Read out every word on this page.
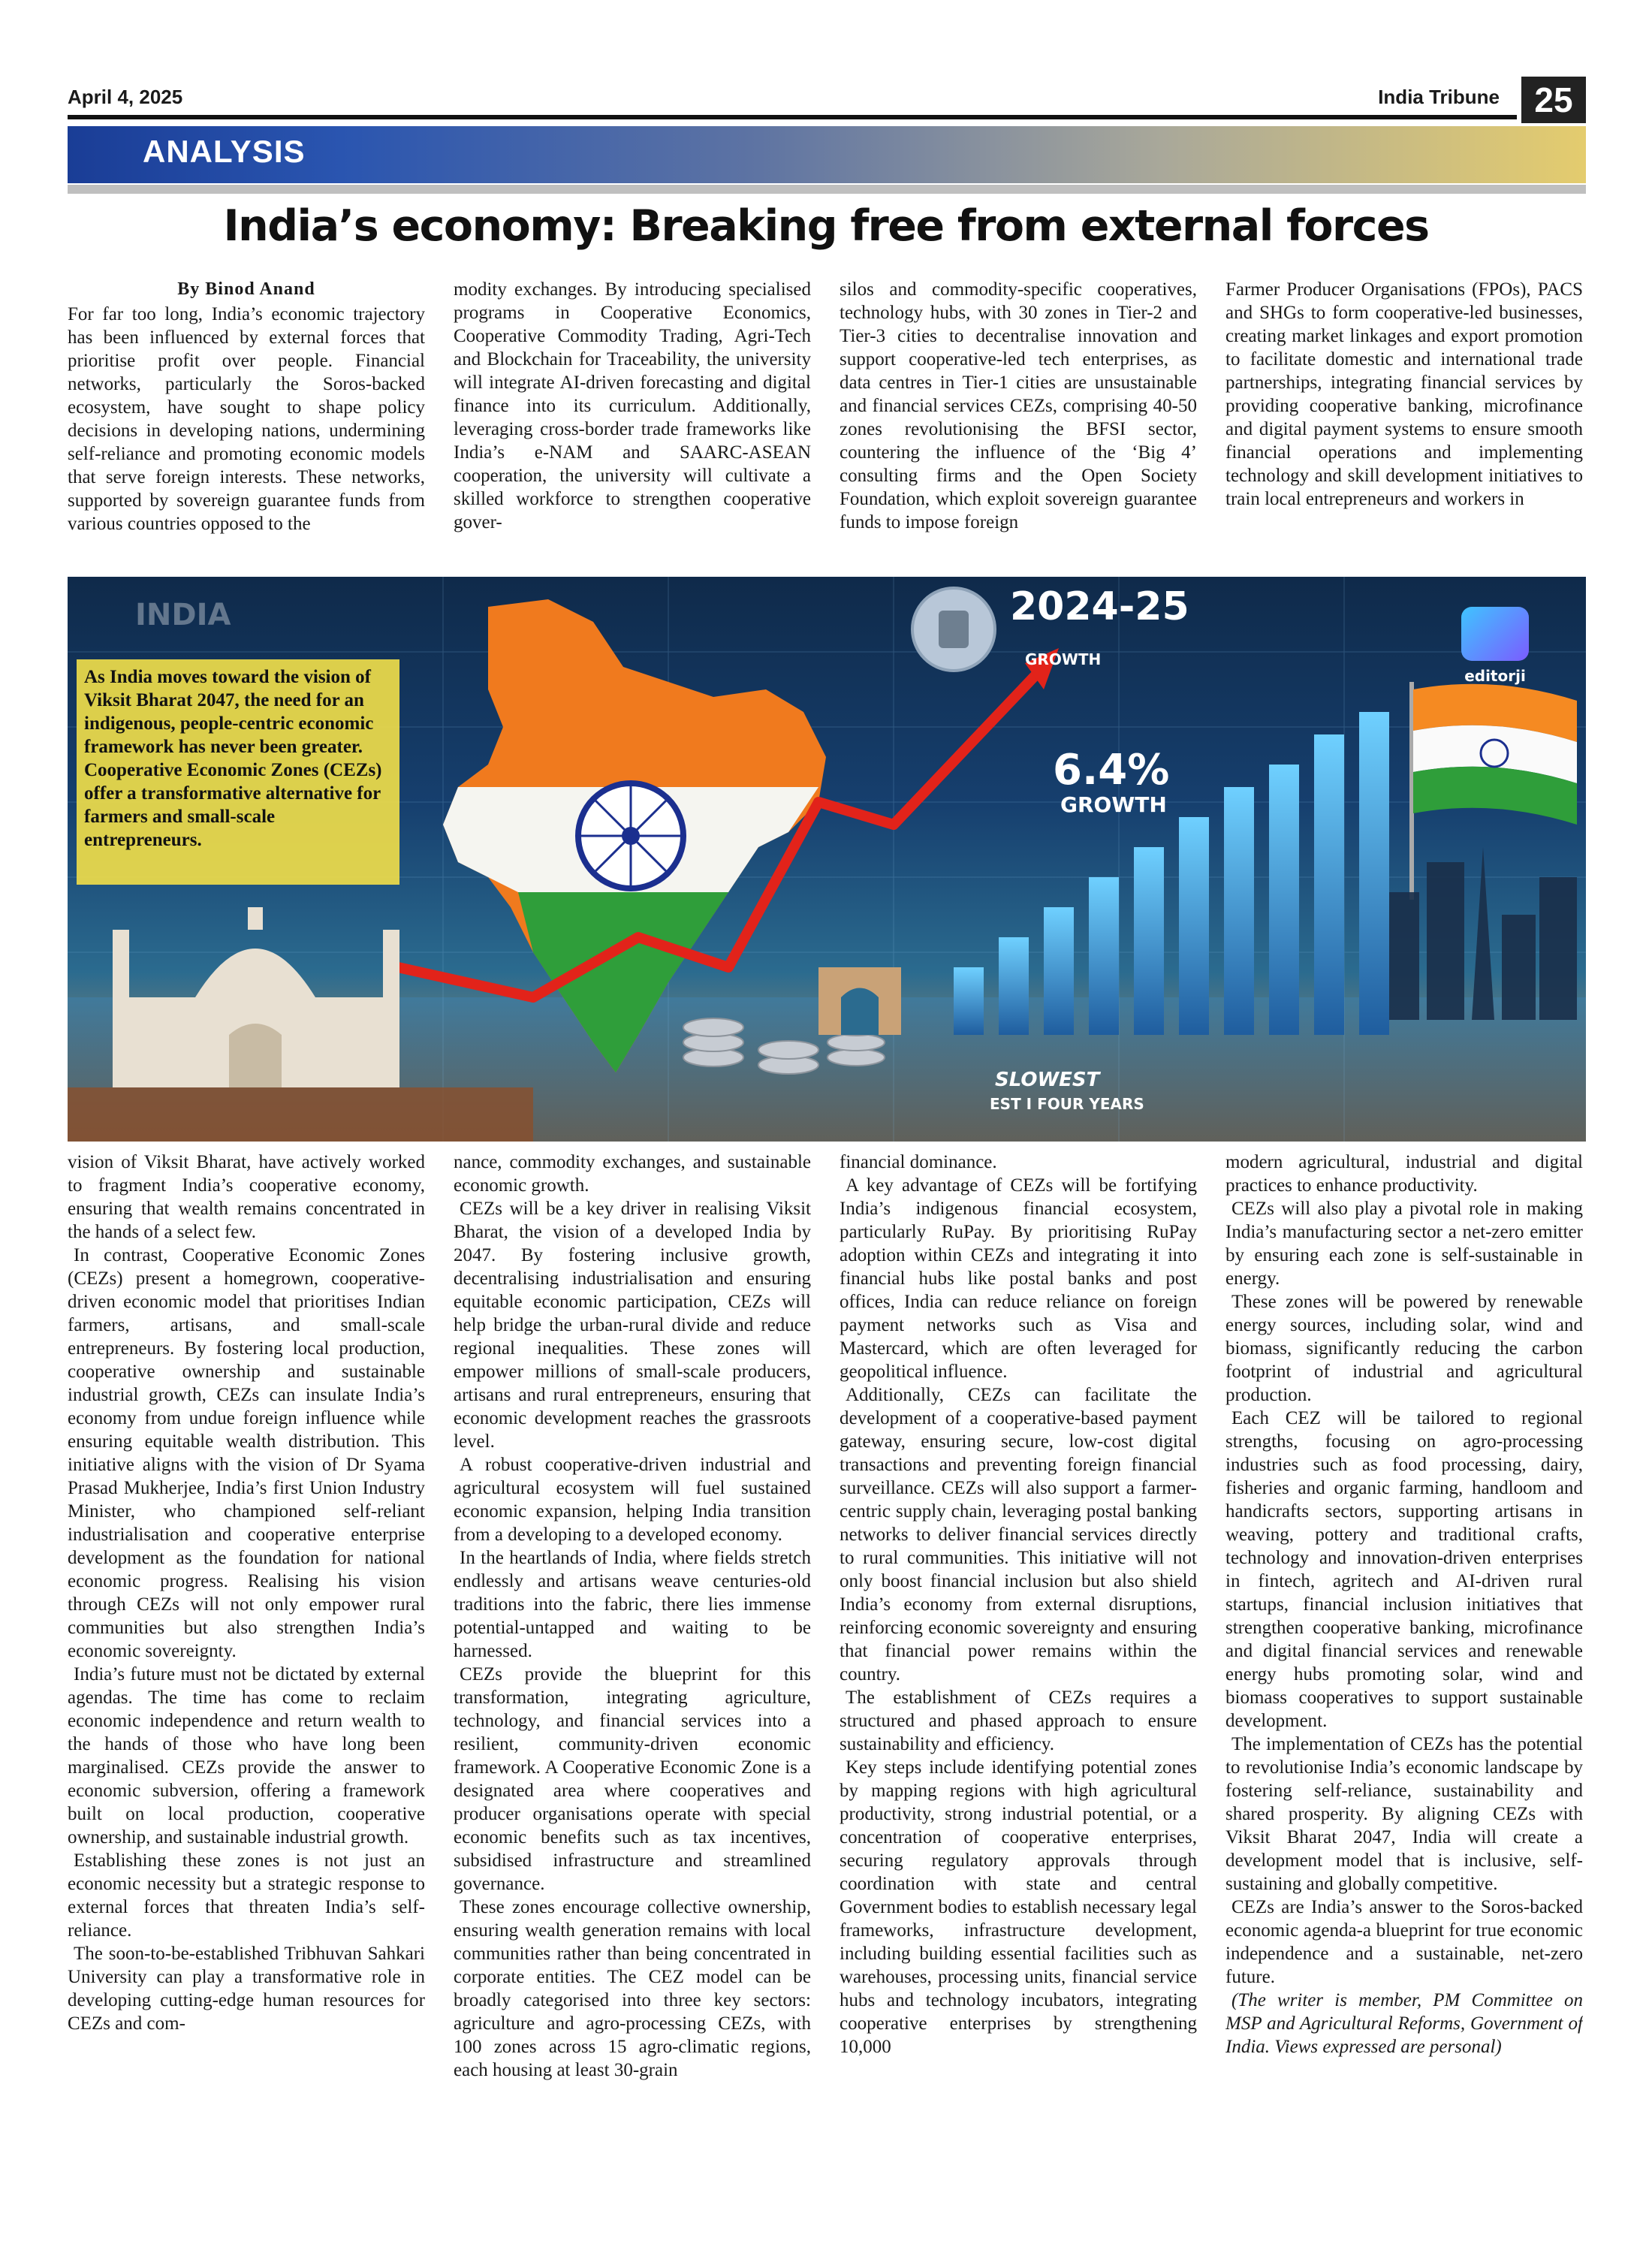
April 4, 2025	India Tribune	25
ANALYSIS
India’s economy: Breaking free from external forces
By Binod Anand

For far too long, India’s economic trajectory has been influenced by external forces that prioritise profit over people. Financial networks, particularly the Soros-backed ecosystem, have sought to shape policy decisions in developing nations, undermining self-reliance and promoting economic models that serve foreign interests. These networks, supported by sovereign guarantee funds from various countries opposed to the

modity exchanges. By introducing specialised programs in Cooperative Economics, Cooperative Commodity Trading, Agri-Tech and Blockchain for Traceability, the university will integrate AI-driven forecasting and digital finance into its curriculum. Additionally, leveraging cross-border trade frameworks like India’s e-NAM and SAARC-ASEAN cooperation, the university will cultivate a skilled workforce to strengthen cooperative gover-

silos and commodity-specific cooperatives, technology hubs, with 30 zones in Tier-2 and Tier-3 cities to decentralise innovation and support cooperative-led tech enterprises, as data centres in Tier-1 cities are unsustainable and financial services CEZs, comprising 40-50 zones revolutionising the BFSI sector, countering the influence of the ‘Big 4’ consulting firms and the Open Society Foundation, which exploit sovereign guarantee funds to impose foreign

Farmer Producer Organisations (FPOs), PACS and SHGs to form cooperative-led businesses, creating market linkages and export promotion to facilitate domestic and international trade partnerships, integrating financial services by providing cooperative banking, microfinance and digital payment systems to ensure smooth financial operations and implementing technology and skill development initiatives to train local entrepreneurs and workers in

INDIA	2024-25
GROWTH
6.4%
GROWTH
SLOWEST
EST I FOUR YEARS
editorji
As India moves toward the vision of Viksit Bharat 2047, the need for an indigenous, people-centric economic framework has never been greater. Cooperative Economic Zones (CEZs) offer a transformative alternative for farmers and small-scale entrepreneurs.

vision of Viksit Bharat, have actively worked to fragment India’s cooperative economy, ensuring that wealth remains concentrated in the hands of a select few.

In contrast, Cooperative Economic Zones (CEZs) present a homegrown, cooperative-driven economic model that prioritises Indian farmers, artisans, and small-scale entrepreneurs. By fostering local production, cooperative ownership and sustainable industrial growth, CEZs can insulate India’s economy from undue foreign influence while ensuring equitable wealth distribution. This initiative aligns with the vision of Dr Syama Prasad Mukherjee, India’s first Union Industry Minister, who championed self-reliant industrialisation and cooperative enterprise development as the foundation for national economic progress. Realising his vision through CEZs will not only empower rural communities but also strengthen India’s economic sovereignty.

India’s future must not be dictated by external agendas. The time has come to reclaim economic independence and return wealth to the hands of those who have long been marginalised. CEZs provide the answer to economic subversion, offering a framework built on local production, cooperative ownership, and sustainable industrial growth.

Establishing these zones is not just an economic necessity but a strategic response to external forces that threaten India’s self-reliance.

The soon-to-be-established Tribhuvan Sahkari University can play a transformative role in developing cutting-edge human resources for CEZs and com-

nance, commodity exchanges, and sustainable economic growth.

CEZs will be a key driver in realising Viksit Bharat, the vision of a developed India by 2047. By fostering inclusive growth, decentralising industrialisation and ensuring equitable economic participation, CEZs will help bridge the urban-rural divide and reduce regional inequalities. These zones will empower millions of small-scale producers, artisans and rural entrepreneurs, ensuring that economic development reaches the grassroots level.

A robust cooperative-driven industrial and agricultural ecosystem will fuel sustained economic expansion, helping India transition from a developing to a developed economy.

In the heartlands of India, where fields stretch endlessly and artisans weave centuries-old traditions into the fabric, there lies immense potential-untapped and waiting to be harnessed.

CEZs provide the blueprint for this transformation, integrating agriculture, technology, and financial services into a resilient, community-driven economic framework. A Cooperative Economic Zone is a designated area where cooperatives and producer organisations operate with special economic benefits such as tax incentives, subsidised infrastructure and streamlined governance.

These zones encourage collective ownership, ensuring wealth generation remains with local communities rather than being concentrated in corporate entities. The CEZ model can be broadly categorised into three key sectors: agriculture and agro-processing CEZs, with 100 zones across 15 agro-climatic regions, each housing at least 30-grain

financial dominance.

A key advantage of CEZs will be fortifying India’s indigenous financial ecosystem, particularly RuPay. By prioritising RuPay adoption within CEZs and integrating it into financial hubs like postal banks and post offices, India can reduce reliance on foreign payment networks such as Visa and Mastercard, which are often leveraged for geopolitical influence.

Additionally, CEZs can facilitate the development of a cooperative-based payment gateway, ensuring secure, low-cost digital transactions and preventing foreign financial surveillance. CEZs will also support a farmer-centric supply chain, leveraging postal banking networks to deliver financial services directly to rural communities. This initiative will not only boost financial inclusion but also shield India’s economy from external disruptions, reinforcing economic sovereignty and ensuring that financial power remains within the country.

The establishment of CEZs requires a structured and phased approach to ensure sustainability and efficiency.

Key steps include identifying potential zones by mapping regions with high agricultural productivity, strong industrial potential, or a concentration of cooperative enterprises, securing regulatory approvals through coordination with state and central Government bodies to establish necessary legal frameworks, infrastructure development, including building essential facilities such as warehouses, processing units, financial service hubs and technology incubators, integrating cooperative enterprises by strengthening 10,000

modern agricultural, industrial and digital practices to enhance productivity.

CEZs will also play a pivotal role in making India’s manufacturing sector a net-zero emitter by ensuring each zone is self-sustainable in energy.

These zones will be powered by renewable energy sources, including solar, wind and biomass, significantly reducing the carbon footprint of industrial and agricultural production.

Each CEZ will be tailored to regional strengths, focusing on agro-processing industries such as food processing, dairy, fisheries and organic farming, handloom and handicrafts sectors, supporting artisans in weaving, pottery and traditional crafts, technology and innovation-driven enterprises in fintech, agritech and AI-driven rural startups, financial inclusion initiatives that strengthen cooperative banking, microfinance and digital financial services and renewable energy hubs promoting solar, wind and biomass cooperatives to support sustainable development.

The implementation of CEZs has the potential to revolutionise India’s economic landscape by fostering self-reliance, sustainability and shared prosperity. By aligning CEZs with Viksit Bharat 2047, India will create a development model that is inclusive, self-sustaining and globally competitive.

CEZs are India’s answer to the Soros-backed economic agenda-a blueprint for true economic independence and a sustainable, net-zero future.

(The writer is member, PM Committee on MSP and Agricultural Reforms, Government of India. Views expressed are personal)
